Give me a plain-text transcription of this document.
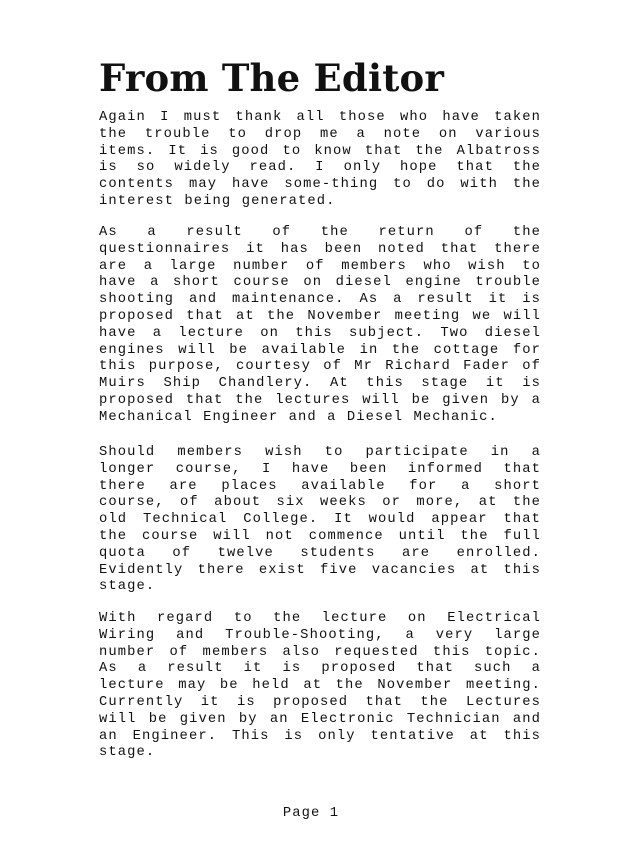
From The Editor
Again I must thank all those who have taken
the trouble to drop me a note on various
items. It is good to know that the Albatross
is so widely read. I only hope that the
contents may have some-thing to do with the
interest being generated.
As a result of the return of the
questionnaires it has been noted that there
are a large number of members who wish to
have a short course on diesel engine trouble
shooting and maintenance. As a result it is
proposed that at the November meeting we will
have a lecture on this subject. Two diesel
engines will be available in the cottage for
this purpose, courtesy of Mr Richard Fader of
Muirs Ship Chandlery. At this stage it is
proposed that the lectures will be given by a
Mechanical Engineer and a Diesel Mechanic.
Should members wish to participate in a
longer course, I have been informed that
there are places available for a short
course, of about six weeks or more, at the
old Technical College. It would appear that
the course will not commence until the full
quota of twelve students are enrolled.
Evidently there exist five vacancies at this
stage.
With regard to the lecture on Electrical
Wiring and Trouble-Shooting, a very large
number of members also requested this topic.
As a result it is proposed that such a
lecture may be held at the November meeting.
Currently it is proposed that the Lectures
will be given by an Electronic Technician and
an Engineer. This is only tentative at this
stage.

Page 1
